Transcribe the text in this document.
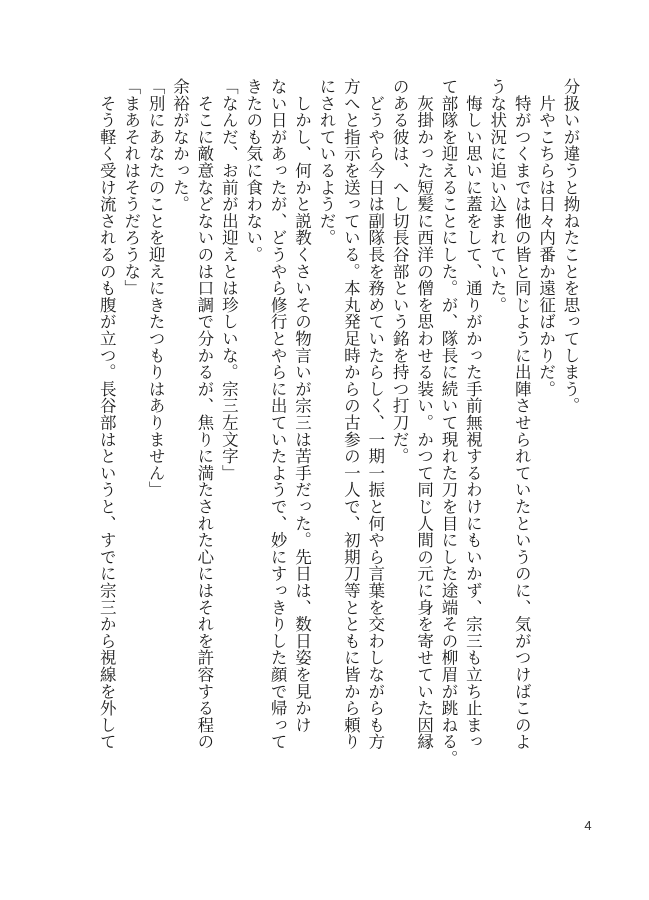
分扱いが違うと拗ねたことを思ってしまう。

　片やこちらは日々内番か遠征ばかりだ。

　特がつくまでは他の皆と同じように出陣させられていたというのに、気がつけばこのよ

うな状況に追い込まれていた。

　悔しい思いに蓋をして、通りがかった手前無視するわけにもいかず、宗三も立ち止まっ

て部隊を迎えることにした。が、隊長に続いて現れた刀を目にした途端その柳眉が跳ねる。

　灰掛かった短髪に西洋の僧を思わせる装い。かつて同じ人間の元に身を寄せていた因縁

のある彼は、へし切長谷部という銘を持つ打刀だ。

　どうやら今日は副隊長を務めていたらしく、一期一振と何やら言葉を交わしながらも方

方へと指示を送っている。本丸発足時からの古参の一人で、初期刀等とともに皆から頼り

にされているようだ。

　しかし、何かと説教くさいその物言いが宗三は苦手だった。先日は、数日姿を見かけ

ない日があったが、どうやら修行とやらに出ていたようで、妙にすっきりした顔で帰って

きたのも気に食わない。

「なんだ、お前が出迎えとは珍しいな。宗三左文字」

　そこに敵意などないのは口調で分かるが、焦りに満たされた心にはそれを許容する程の

余裕がなかった。

「別にあなたのことを迎えにきたつもりはありません」

「まあそれはそうだろうな」

　そう軽く受け流されるのも腹が立つ。長谷部はというと、すでに宗三から視線を外して

4
